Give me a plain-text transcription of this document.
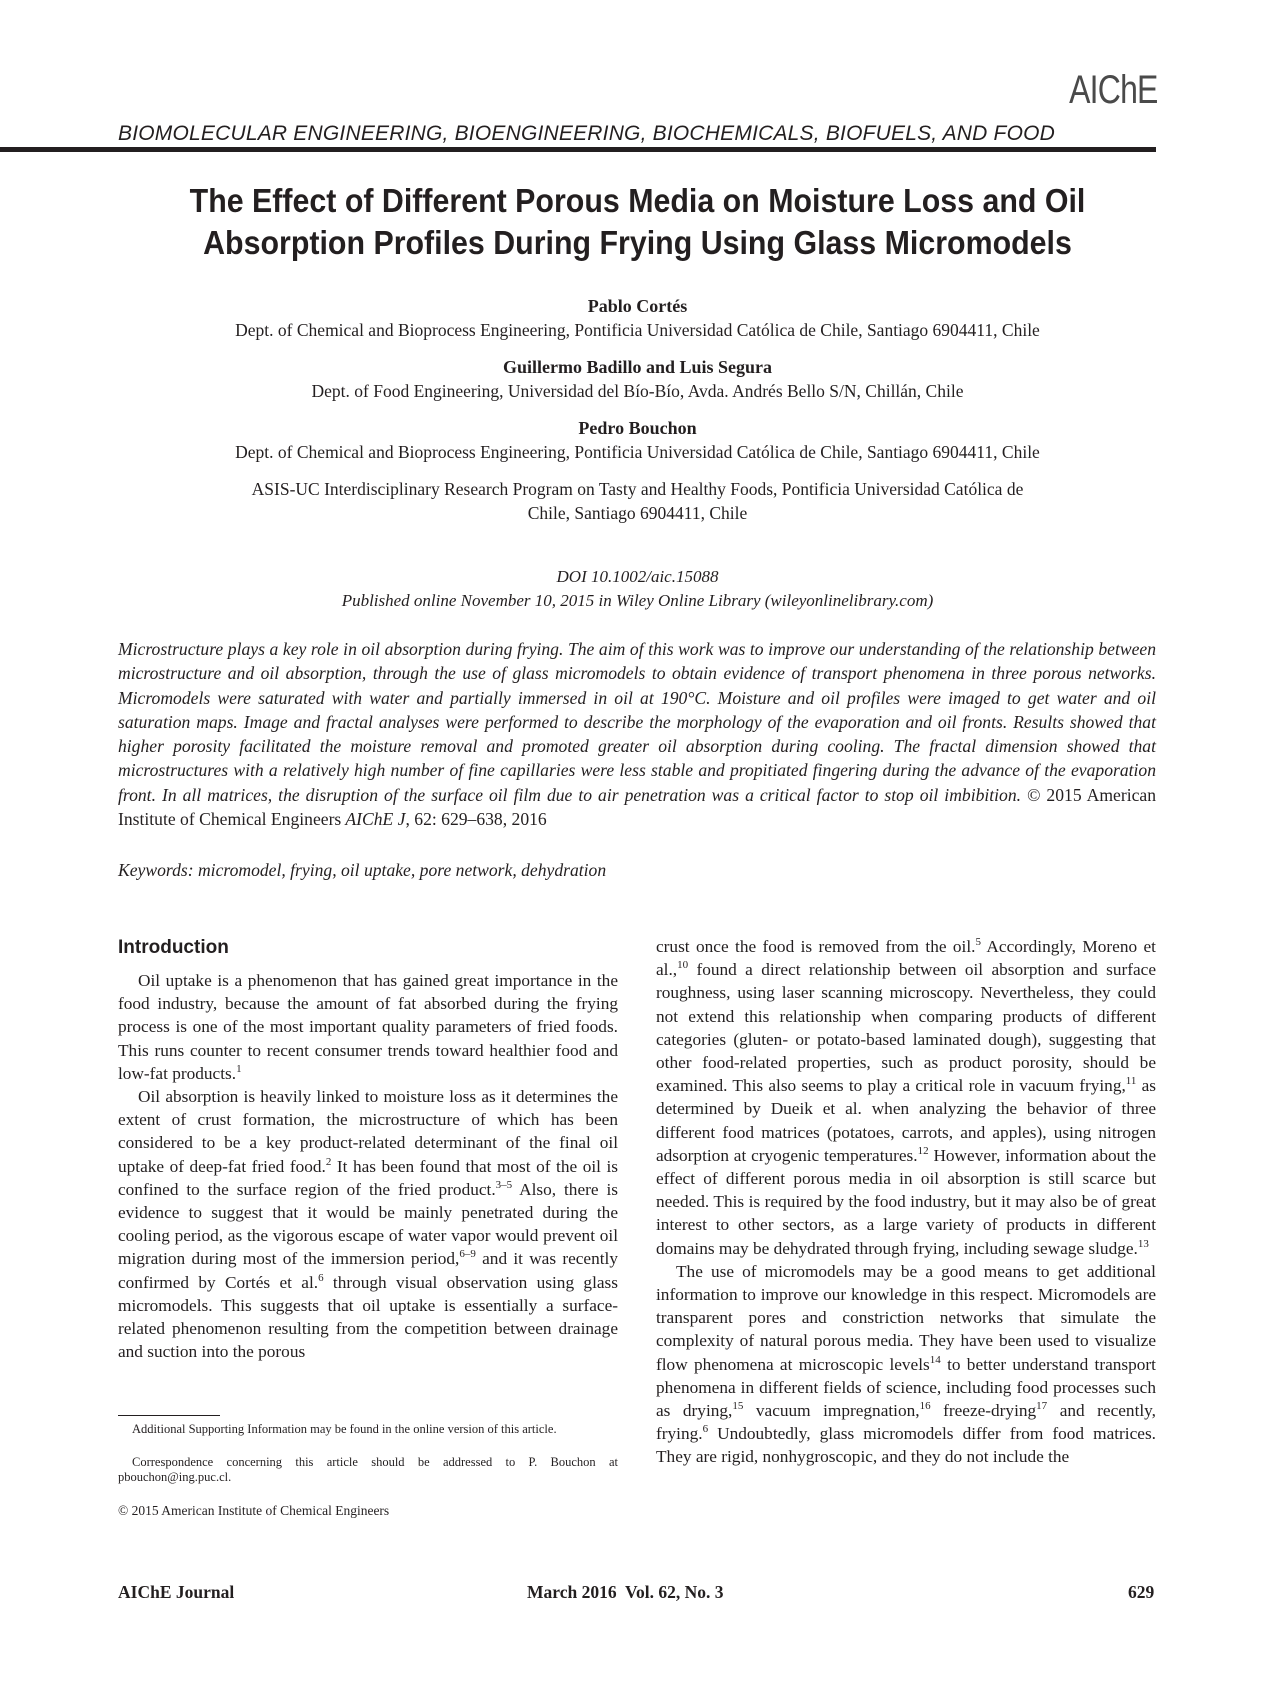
AIChE
BIOMOLECULAR ENGINEERING, BIOENGINEERING, BIOCHEMICALS, BIOFUELS, AND FOOD
The Effect of Different Porous Media on Moisture Loss and Oil
Absorption Profiles During Frying Using Glass Micromodels
Pablo Cortés
Dept. of Chemical and Bioprocess Engineering, Pontificia Universidad Católica de Chile, Santiago 6904411, Chile
Guillermo Badillo and Luis Segura
Dept. of Food Engineering, Universidad del Bío-Bío, Avda. Andrés Bello S/N, Chillán, Chile
Pedro Bouchon
Dept. of Chemical and Bioprocess Engineering, Pontificia Universidad Católica de Chile, Santiago 6904411, Chile
ASIS-UC Interdisciplinary Research Program on Tasty and Healthy Foods, Pontificia Universidad Católica de
Chile, Santiago 6904411, Chile
DOI 10.1002/aic.15088
Published online November 10, 2015 in Wiley Online Library (wileyonlinelibrary.com)
Microstructure plays a key role in oil absorption during frying. The aim of this work was to improve our understanding of the relationship between microstructure and oil absorption, through the use of glass micromodels to obtain evidence of transport phenomena in three porous networks. Micromodels were saturated with water and partially immersed in oil at 190°C. Moisture and oil profiles were imaged to get water and oil saturation maps. Image and fractal analyses were performed to describe the morphology of the evaporation and oil fronts. Results showed that higher porosity facilitated the moisture removal and promoted greater oil absorption during cooling. The fractal dimension showed that microstructures with a relatively high number of fine capillaries were less stable and propitiated fingering during the advance of the evaporation front. In all matrices, the disruption of the surface oil film due to air penetration was a critical factor to stop oil imbibition. © 2015 American Institute of Chemical Engineers AIChE J, 62: 629–638, 2016
Keywords: micromodel, frying, oil uptake, pore network, dehydration
Introduction

Oil uptake is a phenomenon that has gained great importance in the food industry, because the amount of fat absorbed during the frying process is one of the most important quality parameters of fried foods. This runs counter to recent consumer trends toward healthier food and low-fat products.$^1$

Oil absorption is heavily linked to moisture loss as it determines the extent of crust formation, the microstructure of which has been considered to be a key product-related determinant of the final oil uptake of deep-fat fried food.$^2$ It has been found that most of the oil is confined to the surface region of the fried product.$^{3-5}$ Also, there is evidence to suggest that it would be mainly penetrated during the cooling period, as the vigorous escape of water vapor would prevent oil migration during most of the immersion period,$^{6-9}$ and it was recently confirmed by Cortés et al.$^6$ through visual observation using glass micromodels. This suggests that oil uptake is essentially a surface-related phenomenon resulting from the competition between drainage and suction into the porous

crust once the food is removed from the oil.$^5$ Accordingly, Moreno et al.,$^{10}$ found a direct relationship between oil absorption and surface roughness, using laser scanning microscopy. Nevertheless, they could not extend this relationship when comparing products of different categories (gluten- or potato-based laminated dough), suggesting that other food-related properties, such as product porosity, should be examined. This also seems to play a critical role in vacuum frying,$^{11}$ as determined by Dueik et al. when analyzing the behavior of three different food matrices (potatoes, carrots, and apples), using nitrogen adsorption at cryogenic temperatures.$^{12}$ However, information about the effect of different porous media in oil absorption is still scarce but needed. This is required by the food industry, but it may also be of great interest to other sectors, as a large variety of products in different domains may be dehydrated through frying, including sewage sludge.$^{13}$

The use of micromodels may be a good means to get additional information to improve our knowledge in this respect. Micromodels are transparent pores and constriction networks that simulate the complexity of natural porous media. They have been used to visualize flow phenomena at microscopic levels$^{14}$ to better understand transport phenomena in different fields of science, including food processes such as drying,$^{15}$ vacuum impregnation,$^{16}$ freeze-drying$^{17}$ and recently, frying.$^6$ Undoubtedly, glass micromodels differ from food matrices. They are rigid, nonhygroscopic, and they do not include the

Additional Supporting Information may be found in the online version of this article.

Correspondence concerning this article should be addressed to P. Bouchon at pbouchon@ing.puc.cl.

© 2015 American Institute of Chemical Engineers

AIChE Journal	March 2016  Vol. 62, No. 3	629
